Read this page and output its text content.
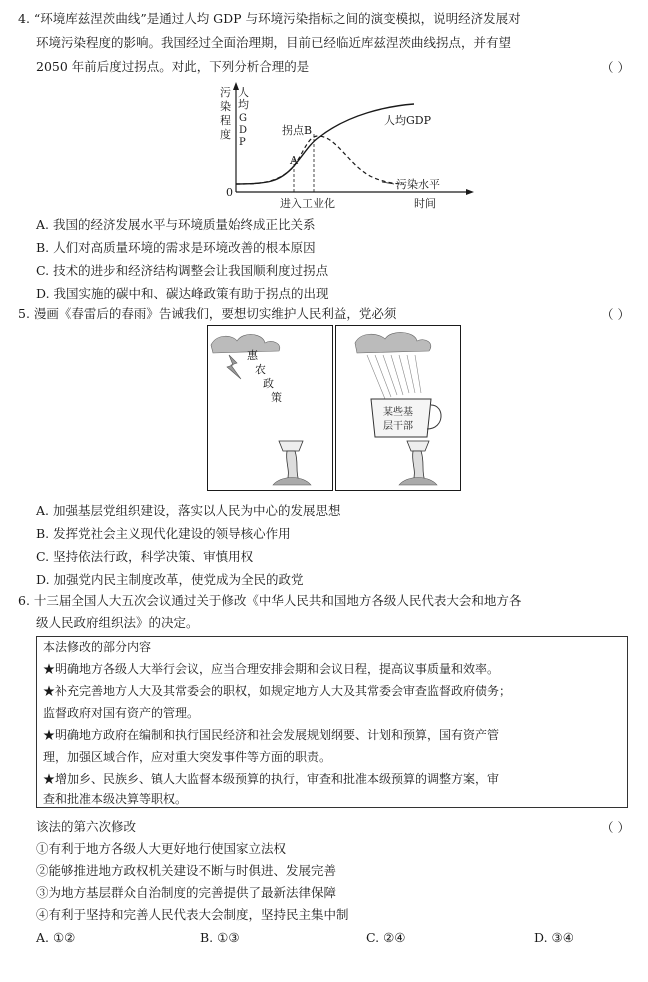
4. “环境库兹涅茨曲线”是通过人均 GDP 与环境污染指标之间的演变模拟，说明经济发展对
环境污染程度的影响。我国经过全面治理期，目前已经临近库兹涅茨曲线拐点，并有望
2050 年前后度过拐点。对此，下列分析合理的是	（ ）
污
染
程
度
人
均
G
D
P
0
A
拐点B
人均GDP
污染水平
进入工业化	时间
A. 我国的经济发展水平与环境质量始终成正比关系
B. 人们对高质量环境的需求是环境改善的根本原因
C. 技术的进步和经济结构调整会让我国顺利度过拐点
D. 我国实施的碳中和、碳达峰政策有助于拐点的出现
5. 漫画《春雷后的春雨》告诫我们，要想切实维护人民利益，党必须	（ ）
惠
农
政
策
某些基
层干部
A. 加强基层党组织建设，落实以人民为中心的发展思想
B. 发挥党社会主义现代化建设的领导核心作用
C. 坚持依法行政，科学决策、审慎用权
D. 加强党内民主制度改革，使党成为全民的政党
6. 十三届全国人大五次会议通过关于修改《中华人民共和国地方各级人民代表大会和地方各
级人民政府组织法》的决定。
本法修改的部分内容
★明确地方各级人大举行会议，应当合理安排会期和会议日程，提高议事质量和效率。
★补充完善地方人大及其常委会的职权，如规定地方人大及其常委会审查监督政府债务；
监督政府对国有资产的管理。
★明确地方政府在编制和执行国民经济和社会发展规划纲要、计划和预算，国有资产管
理，加强区域合作，应对重大突发事件等方面的职责。
★增加乡、民族乡、镇人大监督本级预算的执行，审查和批准本级预算的调整方案，审
查和批准本级决算等职权。
该法的第六次修改	（ ）
①有利于地方各级人大更好地行使国家立法权
②能够推进地方政权机关建设不断与时俱进、发展完善
③为地方基层群众自治制度的完善提供了最新法律保障
④有利于坚持和完善人民代表大会制度，坚持民主集中制
A. ①②	B. ①③	C. ②④	D. ③④
